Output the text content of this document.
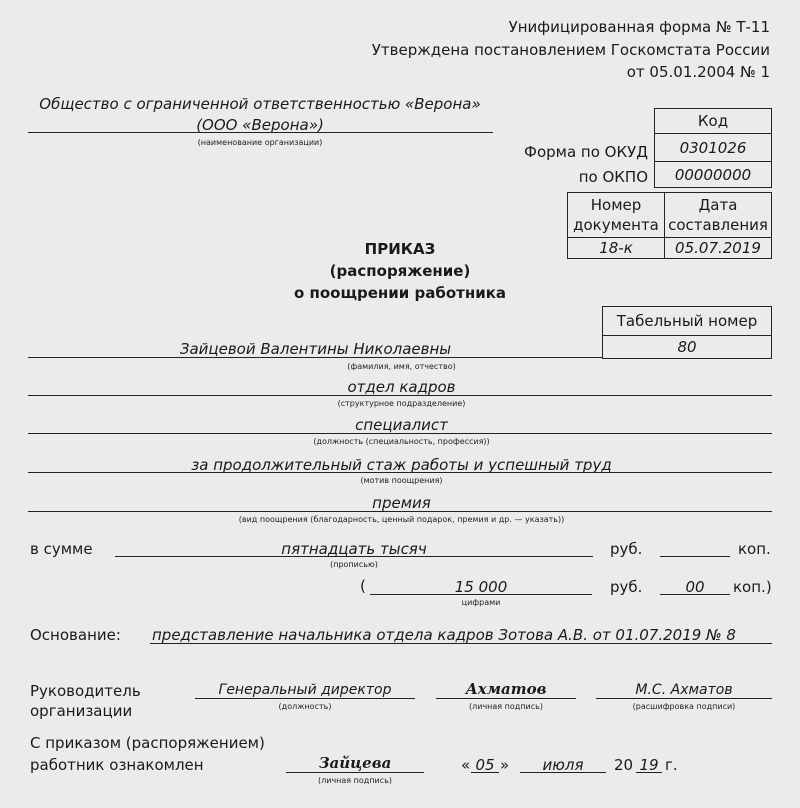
Унифицированная форма № Т-11
Утверждена постановлением Госкомстата России
от 05.01.2004 № 1
Общество с ограниченной ответственностью «Верона»
(ООО «Верона»)
(наименование организации)
Код
Форма по ОКУД	0301026
по ОКПО	00000000
Номер
документа
Дата
составления
18-к	05.07.2019
ПРИКАЗ
(распоряжение)
о поощрении работника
Табельный номер
80
Зайцевой Валентины Николаевны
(фамилия, имя, отчество)
отдел кадров
(структурное подразделение)
специалист
(должность (специальность, профессия))
за продолжительный стаж работы и успешный труд
(мотив поощрения)
премия
(вид поощрения (благодарность, ценный подарок, премия и др. — указать))
в сумме	пятнадцать тысяч
(прописью)
руб.	коп.
(	15 000
цифрами
руб.	00	коп.)
Основание: представление начальника отдела кадров Зотова А.В. от 01.07.2019 № 8
Руководитель
организации
Генеральный директор
(должность)
Ахматов
(личная подпись)
М.С. Ахматов
(расшифровка подписи)
С приказом (распоряжением)
работник ознакомлен	Зайцева
(личная подпись)
« 05 »	июля	20 19 г.
